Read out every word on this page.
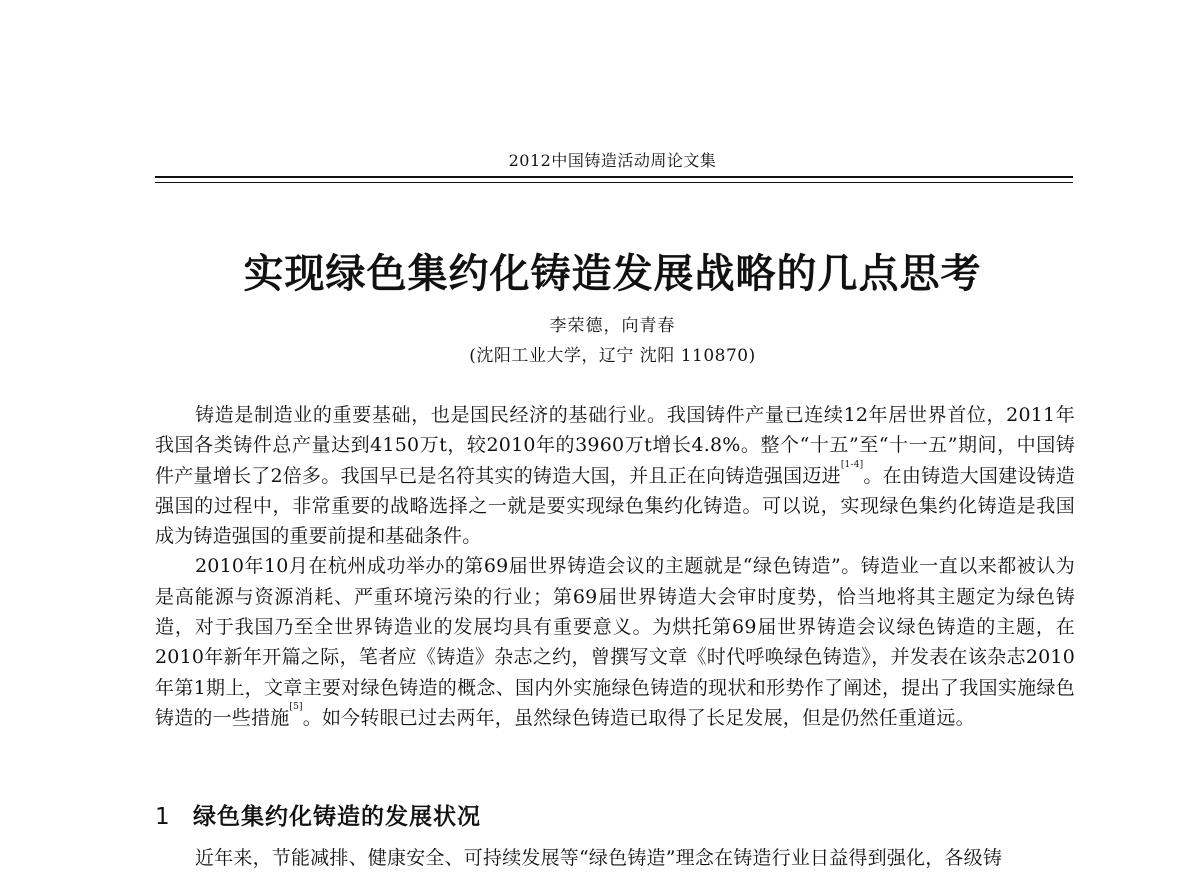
2012中国铸造活动周论文集
实现绿色集约化铸造发展战略的几点思考
李荣德，向青春
(沈阳工业大学，辽宁 沈阳 110870)

铸造是制造业的重要基础，也是国民经济的基础行业。我国铸件产量已连续12年居世界首位，2011年我国各类铸件总产量达到4150万t，较2010年的3960万t增长4.8%。整个“十五”至“十一五”期间，中国铸件产量增长了2倍多。我国早已是名符其实的铸造大国，并且正在向铸造强国迈进[1-4]。在由铸造大国建设铸造强国的过程中，非常重要的战略选择之一就是要实现绿色集约化铸造。可以说，实现绿色集约化铸造是我国成为铸造强国的重要前提和基础条件。

2010年10月在杭州成功举办的第69届世界铸造会议的主题就是“绿色铸造”。铸造业一直以来都被认为是高能源与资源消耗、严重环境污染的行业；第69届世界铸造大会审时度势，恰当地将其主题定为绿色铸造，对于我国乃至全世界铸造业的发展均具有重要意义。为烘托第69届世界铸造会议绿色铸造的主题，在2010年新年开篇之际，笔者应《铸造》杂志之约，曾撰写文章《时代呼唤绿色铸造》，并发表在该杂志2010年第1期上，文章主要对绿色铸造的概念、国内外实施绿色铸造的现状和形势作了阐述，提出了我国实施绿色铸造的一些措施[5]。如今转眼已过去两年，虽然绿色铸造已取得了长足发展，但是仍然任重道远。

1 绿色集约化铸造的发展状况
近年来，节能减排、健康安全、可持续发展等“绿色铸造”理念在铸造行业日益得到强化，各级铸
